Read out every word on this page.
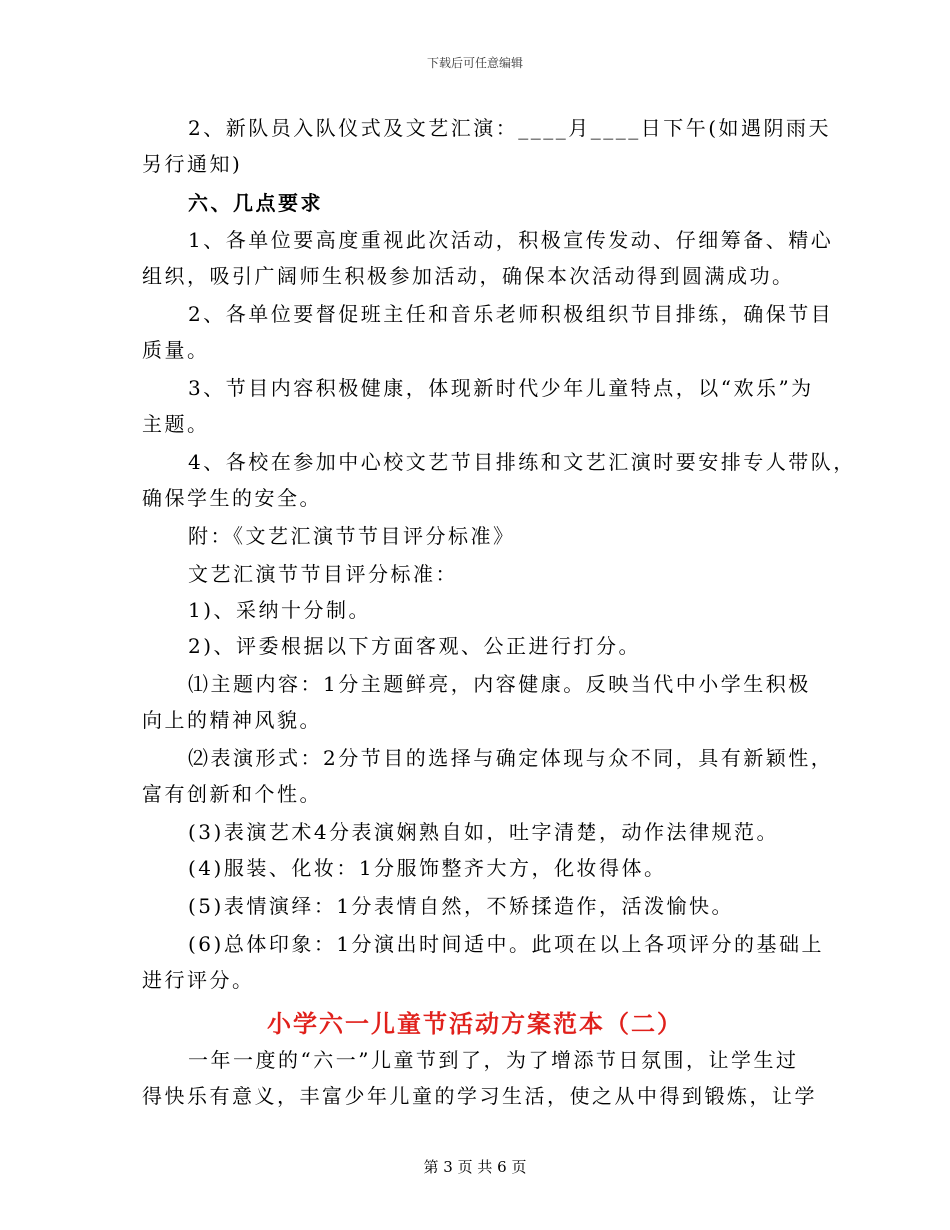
下载后可任意编辑
2、新队员入队仪式及文艺汇演：____月____日下午(如遇阴雨天
另行通知)
六、几点要求
1、各单位要高度重视此次活动，积极宣传发动、仔细筹备、精心
组织，吸引广阔师生积极参加活动，确保本次活动得到圆满成功。
2、各单位要督促班主任和音乐老师积极组织节目排练，确保节目
质量。
3、节目内容积极健康，体现新时代少年儿童特点，以“欢乐”为
主题。
4、各校在参加中心校文艺节目排练和文艺汇演时要安排专人带队，
确保学生的安全。
附：《文艺汇演节节目评分标准》
文艺汇演节节目评分标准：
1)、采纳十分制。
2)、评委根据以下方面客观、公正进行打分。
⑴主题内容：1分主题鲜亮，内容健康。反映当代中小学生积极
向上的精神风貌。
⑵表演形式：2分节目的选择与确定体现与众不同，具有新颖性，
富有创新和个性。
(3)表演艺术4分表演娴熟自如，吐字清楚，动作法律规范。
(4)服装、化妆：1分服饰整齐大方，化妆得体。
(5)表情演绎：1分表情自然，不矫揉造作，活泼愉快。
(6)总体印象：1分演出时间适中。此项在以上各项评分的基础上
进行评分。
小学六一儿童节活动方案范本（二）
一年一度的“六一”儿童节到了，为了增添节日氛围，让学生过
得快乐有意义，丰富少年儿童的学习生活，使之从中得到锻炼，让学
第 3 页 共 6 页
